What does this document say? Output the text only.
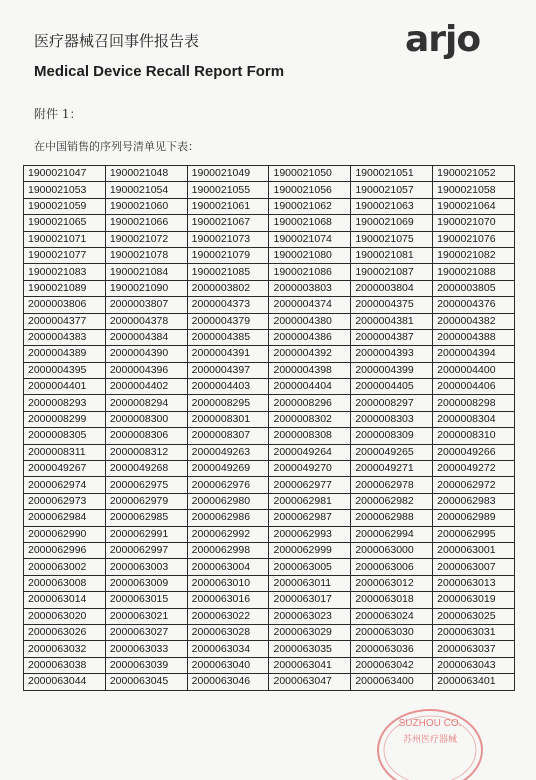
医疗器械召回事件报告表	arjo
Medical Device Recall Report Form
附件 1：
在中国销售的序列号清单见下表：
1900021047	1900021048	1900021049	1900021050	1900021051	1900021052
1900021053	1900021054	1900021055	1900021056	1900021057	1900021058
1900021059	1900021060	1900021061	1900021062	1900021063	1900021064
1900021065	1900021066	1900021067	1900021068	1900021069	1900021070
1900021071	1900021072	1900021073	1900021074	1900021075	1900021076
1900021077	1900021078	1900021079	1900021080	1900021081	1900021082
1900021083	1900021084	1900021085	1900021086	1900021087	1900021088
1900021089	1900021090	2000003802	2000003803	2000003804	2000003805
2000003806	2000003807	2000004373	2000004374	2000004375	2000004376
2000004377	2000004378	2000004379	2000004380	2000004381	2000004382
2000004383	2000004384	2000004385	2000004386	2000004387	2000004388
2000004389	2000004390	2000004391	2000004392	2000004393	2000004394
2000004395	2000004396	2000004397	2000004398	2000004399	2000004400
2000004401	2000004402	2000004403	2000004404	2000004405	2000004406
2000008293	2000008294	2000008295	2000008296	2000008297	2000008298
2000008299	2000008300	2000008301	2000008302	2000008303	2000008304
2000008305	2000008306	2000008307	2000008308	2000008309	2000008310
2000008311	2000008312	2000049263	2000049264	2000049265	2000049266
2000049267	2000049268	2000049269	2000049270	2000049271	2000049272
2000062974	2000062975	2000062976	2000062977	2000062978	2000062972
2000062973	2000062979	2000062980	2000062981	2000062982	2000062983
2000062984	2000062985	2000062986	2000062987	2000062988	2000062989
2000062990	2000062991	2000062992	2000062993	2000062994	2000062995
2000062996	2000062997	2000062998	2000062999	2000063000	2000063001
2000063002	2000063003	2000063004	2000063005	2000063006	2000063007
2000063008	2000063009	2000063010	2000063011	2000063012	2000063013
2000063014	2000063015	2000063016	2000063017	2000063018	2000063019
2000063020	2000063021	2000063022	2000063023	2000063024	2000063025
2000063026	2000063027	2000063028	2000063029	2000063030	2000063031
2000063032	2000063033	2000063034	2000063035	2000063036	2000063037
2000063038	2000063039	2000063040	2000063041	2000063042	2000063043
2000063044	2000063045	2000063046	2000063047	2000063400	2000063401
SUZHOU CO.
苏州医疗器械
